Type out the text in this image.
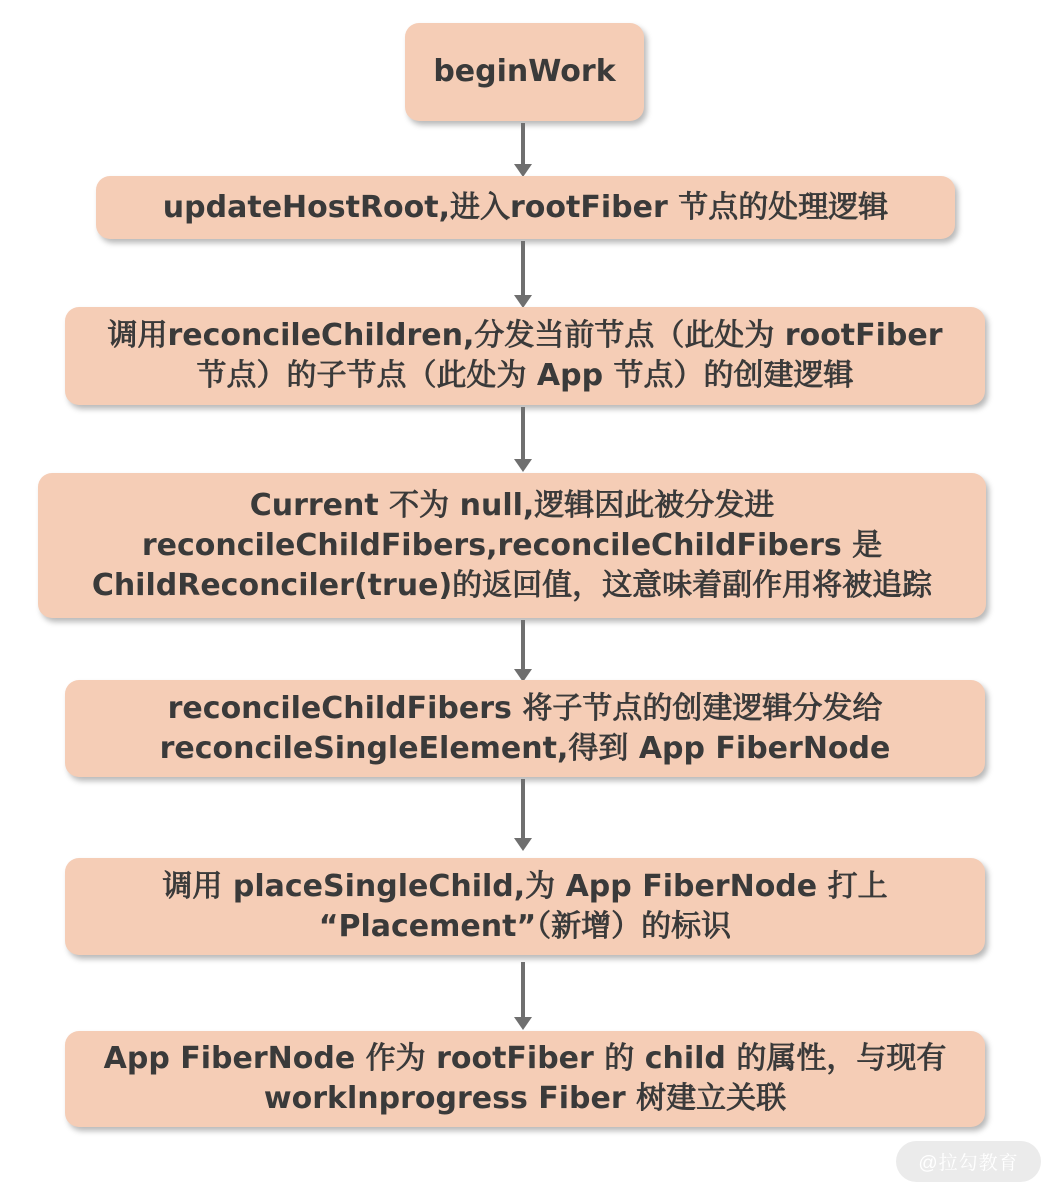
beginWork
updateHostRoot,进入rootFiber 节点的处理逻辑
调用reconcileChildren,分发当前节点（此处为 rootFiber
节点）的子节点（此处为 App 节点）的创建逻辑
Current 不为 null,逻辑因此被分发进
reconcileChildFibers,reconcileChildFibers 是
ChildReconciler(true)的返回值，这意味着副作用将被追踪
reconcileChildFibers 将子节点的创建逻辑分发给
reconcileSingleElement,得到 App FiberNode
调用 placeSingleChild,为 App FiberNode 打上
“Placement”（新增）的标识
App FiberNode 作为 rootFiber 的 child 的属性，与现有
worklnprogress Fiber 树建立关联
@拉勾教育
